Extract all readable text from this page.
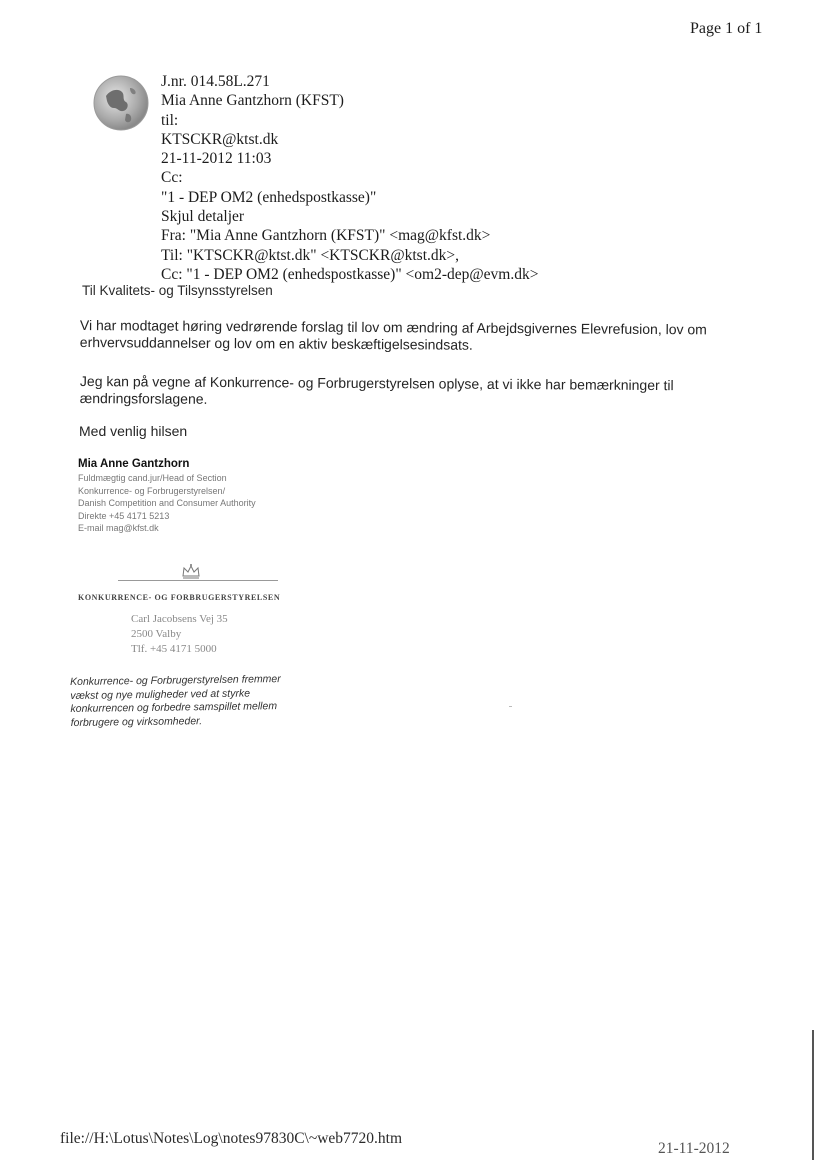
Page 1 of 1
J.nr. 014.58L.271
Mia Anne Gantzhorn (KFST)
til:
KTSCKR@ktst.dk
21-11-2012 11:03
Cc:
"1 - DEP OM2 (enhedspostkasse)"
Skjul detaljer
Fra: "Mia Anne Gantzhorn (KFST)" <mag@kfst.dk>
Til: "KTSCKR@ktst.dk" <KTSCKR@ktst.dk>,
Cc: "1 - DEP OM2 (enhedspostkasse)" <om2-dep@evm.dk>
Til Kvalitets- og Tilsynsstyrelsen
Vi har modtaget høring vedrørende forslag til lov om ændring af Arbejdsgivernes Elevrefusion, lov om
erhvervsuddannelser og lov om en aktiv beskæftigelsesindsats.
Jeg kan på vegne af Konkurrence- og Forbrugerstyrelsen oplyse, at vi ikke har bemærkninger til
ændringsforslagene.
Med venlig hilsen
Mia Anne Gantzhorn
Fuldmægtig cand.jur/Head of Section
Konkurrence- og Forbrugerstyrelsen/
Danish Competition and Consumer Authority
Direkte +45 4171 5213
E-mail mag@kfst.dk
KONKURRENCE- OG FORBRUGERSTYRELSEN
Carl Jacobsens Vej 35
2500 Valby
Tlf. +45 4171 5000
Konkurrence- og Forbrugerstyrelsen fremmer
vækst og nye muligheder ved at styrke
konkurrencen og forbedre samspillet mellem
forbrugere og virksomheder.
file://H:\Lotus\Notes\Log\notes97830C\~web7720.htm
21-11-2012
